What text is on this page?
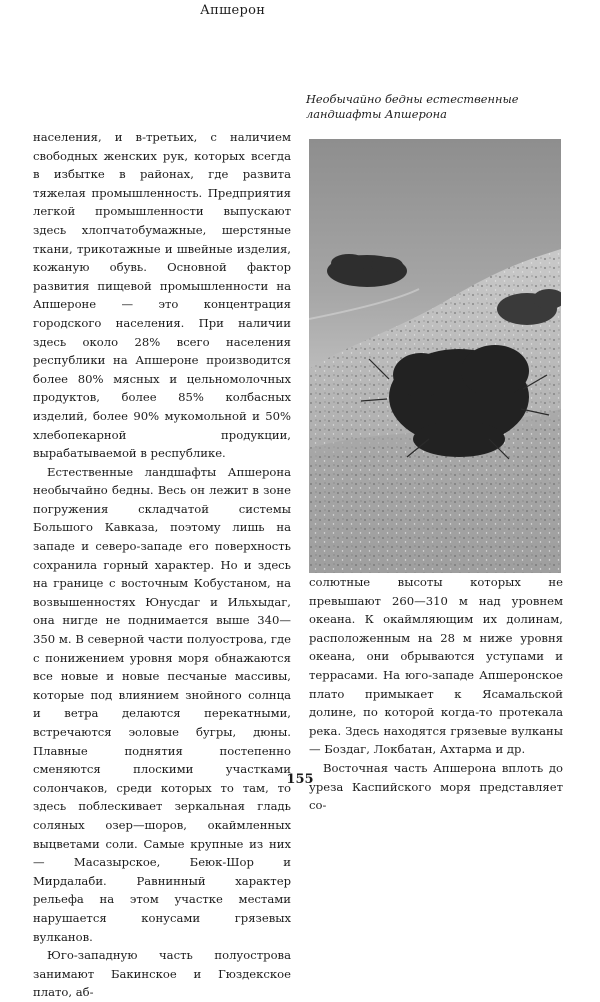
Апшерон

населения, и в-третьих, с наличием свободных женских рук, которых всегда в избытке в районах, где развита тяжелая промышленность. Предприятия легкой промышленности выпускают здесь хлопчатобумажные, шерстяные ткани, трикотажные и швейные изделия, кожаную обувь. Основной фактор развития пищевой промышленности на Апшероне — это концентрация городского населения. При наличии здесь около 28% всего населения республики на Апшероне производится более 80% мясных и цельномолочных продуктов, более 85% колбасных изделий, более 90% мукомольной и 50% хлебопекарной продукции, вырабатываемой в республике.

Естественные ландшафты Апшерона необычайно бедны. Весь он лежит в зоне погружения складчатой системы Большого Кавказа, поэтому лишь на западе и северо-западе его поверхность сохранила горный характер. Но и здесь на границе с восточным Кобустаном, на возвышенностях Юнусдаг и Ильхыдаг, она нигде не поднимается выше 340—350 м. В северной части полуострова, где с понижением уровня моря обнажаются все новые и новые песчаные массивы, которые под влиянием знойного солнца и ветра делаются перекатными, встречаются эоловые бугры, дюны. Плавные поднятия постепенно сменяются плоскими участками солончаков, среди которых то там, то здесь поблескивает зеркальная гладь соляных озер—шоров, окаймленных выцветами соли. Самые крупные из них — Масазырское, Беюк-Шор и Мирдалаби. Равнинный характер рельефа на этом участке местами нарушается конусами грязевых вулканов.

Юго-западную часть полуострова занимают Бакинское и Гюздекское плато, аб-

Необычайно бедны естественные ландшафты Апшерона

солютные высоты которых не превышают 260—310 м над уровнем океана. К окаймляющим их долинам, расположенным на 28 м ниже уровня океана, они обрываются уступами и террасами. На юго-западе Апшеронское плато примыкает к Ясамальской долине, по которой когда-то протекала река. Здесь находятся грязевые вулканы — Боздаг, Локбатан, Ахтарма и др.

Восточная часть Апшерона вплоть до уреза Каспийского моря представляет со-

155
